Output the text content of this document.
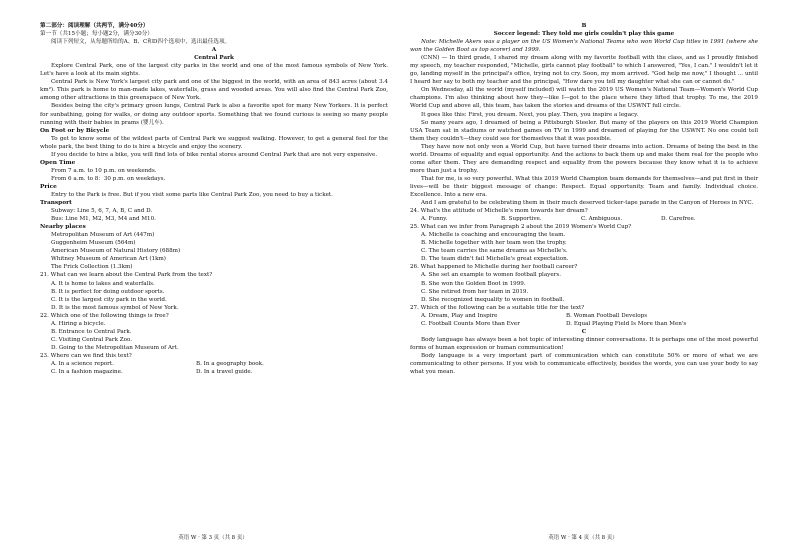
第二部分：阅读理解（共两节，满分40分）

第一节（共15小题；每小题2分，满分30分）

阅读下列短文，从每题所给的A、B、C和D四个选项中，选出最佳选项。

A

Central Park

Explore Central Park, one of the largest city parks in the world and one of the most famous symbols of New York. Let's have a look at its main sights.

Central Park is New York's largest city park and one of the biggest in the world, with an area of 843 acres (about 3.4 km²). This park is home to man-made lakes, waterfalls, grass and wooded areas. You will also find the Central Park Zoo, among other attractions in this greenspace of New York.

Besides being the city's primary green lungs, Central Park is also a favorite spot for many New Yorkers. It is perfect for sunbathing, going for walks, or doing any outdoor sports. Something that we found curious is seeing so many people running with their babies in prams (婴儿车).

On Foot or by Bicycle

To get to know some of the wildest parts of Central Park we suggest walking. However, to get a general feel for the whole park, the best thing to do is hire a bicycle and enjoy the scenery.

If you decide to hire a bike, you will find lots of bike rental stores around Central Park that are not very expensive.

Open Time

From 7 a.m. to 10 p.m. on weekends.

From 6 a.m. to 8：30 p.m. on weekdays.

Price

Entry to the Park is free. But if you visit some parts like Central Park Zoo, you need to buy a ticket.

Transport

Subway: Line 5, 6, 7, A, B, C and D.

Bus: Line M1, M2, M3, M4 and M10.

Nearby places

Metropolitan Museum of Art (447m)

Guggenheim Museum (564m)

American Museum of Natural History (688m)

Whitney Museum of American Art (1km)

The Frick Collection (1.3km)

21. What can we learn about the Central Park from the text?

A. It is home to lakes and waterfalls.

B. It is perfect for doing outdoor sports.

C. It is the largest city park in the world.

D. It is the most famous symbol of New York.

22. Which one of the following things is free?

A. Hiring a bicycle.

B. Entrance to Central Park.

C. Visiting Central Park Zoo.

D. Going to the Metropolitan Museum of Art.

23. Where can we find this text?

A. In a science report.	B. In a geography book.
C. In a fashion magazine.	D. In a travel guide.
英语 W · 第 3 页（共 8 页）

B

Soccer legend: They told me girls couldn't play this game

Note: Michelle Akers was a player on the US Women's National Teams who won World Cup titles in 1991 (where she won the Golden Boot as top scorer) and 1999.

(CNN) — In third grade, I shared my dream along with my favorite football with the class, and as I proudly finished my speech, my teacher responded, "Michelle, girls cannot play football" to which I answered, "Yes, I can." I wouldn't let it go, landing myself in the principal's office, trying not to cry. Soon, my mom arrived. "God help me now," I thought ... until I heard her say to both my teacher and the principal, "How dare you tell my daughter what she can or cannot do."

On Wednesday, all the world (myself included) will watch the 2019 US Women's National Team—Women's World Cup champions. I'm also thinking about how they—like I—got to the place where they lifted that trophy. To me, the 2019 World Cup and above all, this team, has taken the stories and dreams of the USWNT full circle.

It goes like this: First, you dream. Next, you play. Then, you inspire a legacy.

So many years ago, I dreamed of being a Pittsburgh Steeler. But many of the players on this 2019 World Champion USA Team sat in stadiums or watched games on TV in 1999 and dreamed of playing for the USWNT. No one could tell them they couldn't—they could see for themselves that it was possible.

They have now not only won a World Cup, but have turned their dreams into action. Dreams of being the best in the world. Dreams of equality and equal opportunity. And the actions to back them up and make them real for the people who come after them. They are demanding respect and equality from the powers because they know what it is to achieve more than just a trophy.

That for me, is so very powerful. What this 2019 World Champion team demands for themselves—and put first in their lives—will be their biggest message of change: Respect. Equal opportunity. Team and family. Individual choice. Excellence. Into a new era.

And I am grateful to be celebrating them in their much deserved ticker-tape parade in the Canyon of Heroes in NYC.

24. What's the attitude of Michelle's mom towards her dream?

A. Funny.	B. Supportive.	C. Ambiguous.	D. Carefree.

25. What can we infer from Paragraph 2 about the 2019 Women's World Cup?

A. Michelle is coaching and encouraging the team.

B. Michelle together with her team won the trophy.

C. The team carries the same dreams as Michelle's.

D. The team didn't fail Michelle's great expectation.

26. What happened to Michelle during her football career?

A. She set an example to women football players.

B. She won the Golden Boot in 1999.

C. She retired from her team in 2019.

D. She recognized inequality to women in football.

27. Which of the following can be a suitable title for the text?

A. Dream, Play and Inspire	B. Woman Football Develops
C. Football Counts More than Ever	D. Equal Playing Field Is More than Men's

C

Body language has always been a hot topic of interesting dinner conversations. It is perhaps one of the most powerful forms of human expression or human communication!

Body language is a very important part of communication which can constitute 50% or more of what we are communicating to other persons. If you wish to communicate effectively, besides the words, you can use your body to say what you mean.

英语 W · 第 4 页（共 8 页）
